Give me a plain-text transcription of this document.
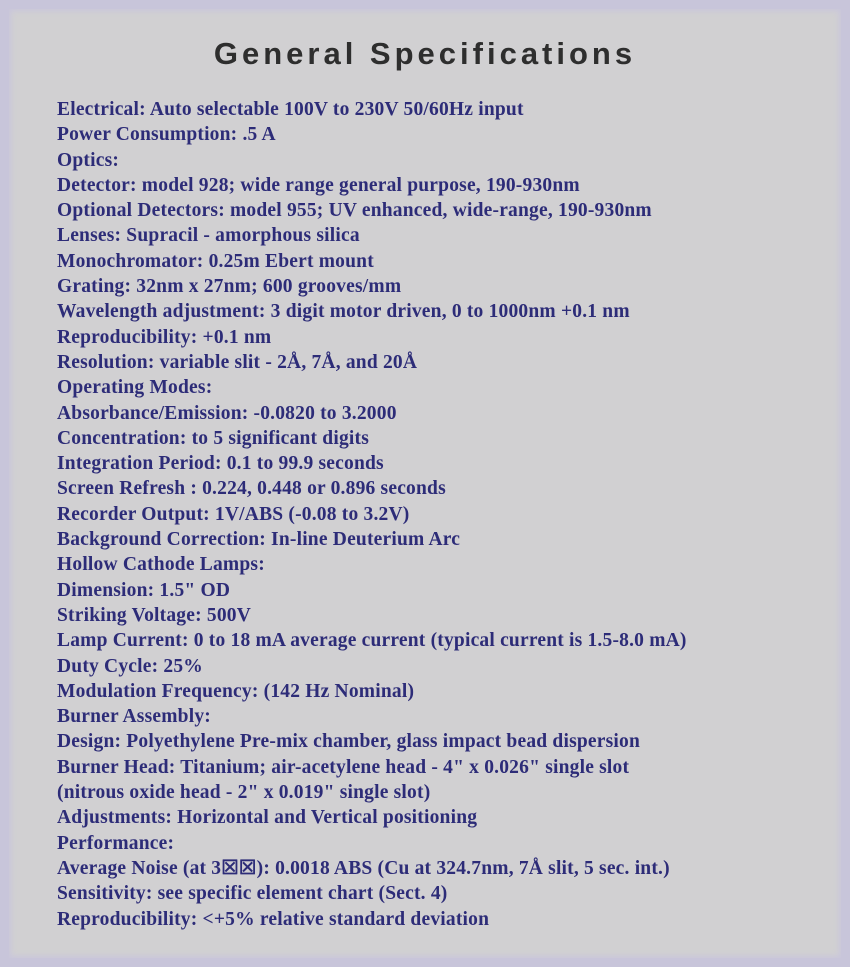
General Specifications
Electrical: Auto selectable 100V to 230V 50/60Hz input
Power Consumption: .5 A
Optics:
Detector: model 928; wide range general purpose, 190-930nm
Optional Detectors: model 955; UV enhanced, wide-range, 190-930nm
Lenses: Supracil - amorphous silica
Monochromator: 0.25m Ebert mount
Grating: 32nm x 27nm; 600 grooves/mm
Wavelength adjustment: 3 digit motor driven, 0 to 1000nm +0.1 nm
Reproducibility: +0.1 nm
Resolution: variable slit - 2Å, 7Å, and 20Å
Operating Modes:
Absorbance/Emission: -0.0820 to 3.2000
Concentration: to 5 significant digits
Integration Period: 0.1 to 99.9 seconds
Screen Refresh : 0.224, 0.448 or 0.896 seconds
Recorder Output: 1V/ABS (-0.08 to 3.2V)
Background Correction: In-line Deuterium Arc
Hollow Cathode Lamps:
Dimension: 1.5" OD
Striking Voltage: 500V
Lamp Current: 0 to 18 mA average current (typical current is 1.5-8.0 mA)
Duty Cycle: 25%
Modulation Frequency: (142 Hz Nominal)
Burner Assembly:
Design: Polyethylene Pre-mix chamber, glass impact bead dispersion
Burner Head: Titanium; air-acetylene head - 4" x 0.026" single slot
(nitrous oxide head - 2" x 0.019" single slot)
Adjustments: Horizontal and Vertical positioning
Performance:
Average Noise (at 3☒☒): 0.0018 ABS (Cu at 324.7nm, 7Å slit, 5 sec. int.)
Sensitivity: see specific element chart (Sect. 4)
Reproducibility: <+5% relative standard deviation
